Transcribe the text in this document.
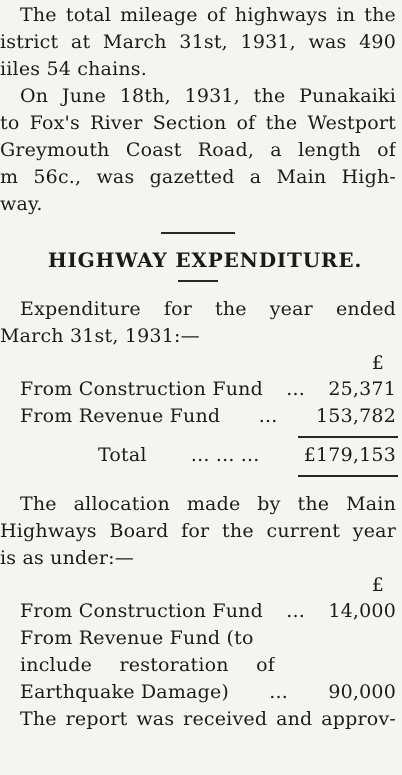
The total mileage of highways in the
istrict at March 31st, 1931, was 490
iiles 54 chains.
On June 18th, 1931, the Punakaiki
to Fox's River Section of the Westport
Greymouth Coast Road, a length of
m 56c., was gazetted a Main High-
way.
HIGHWAY EXPENDITURE.
Expenditure for the year ended
March 31st, 1931:—
£
From Construction Fund	...	25,371
From Revenue Fund	...	153,782
Total	... ... ...	£179,153
The allocation made by the Main
Highways Board for the current year
is as under:—
£
From Construction Fund	...	14,000
From Revenue Fund (to
include restoration of
Earthquake Damage)	...	90,000
The report was received and approv-
